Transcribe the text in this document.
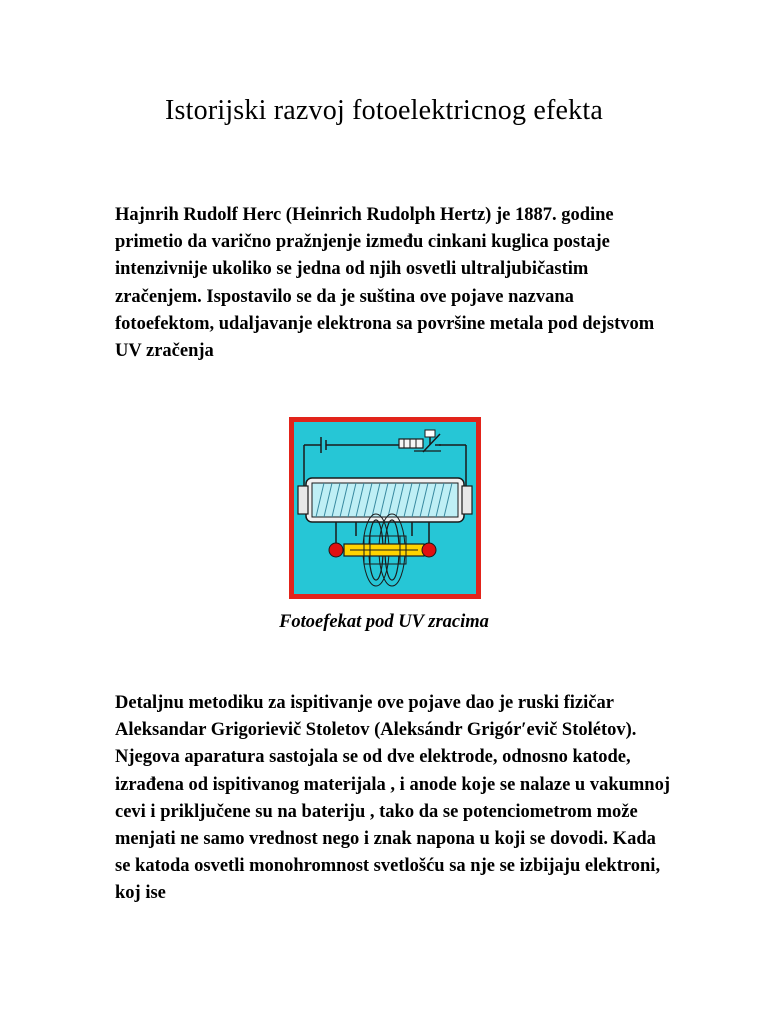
Istorijski razvoj fotoelektricnog efekta

Hajnrih Rudolf Herc (Heinrich Rudolph Hertz) je 1887. godine primetio da varično pražnjenje između cinkani kuglica postaje intenzivnije ukoliko se jedna od njih osvetli ultraljubičastim zračenjem. Ispostavilo se da je suština ove pojave nazvana fotoefektom, udaljavanje elektrona sa površine metala pod dejstvom UV zračenja

Fotoefekat pod UV zracima

Detaljnu metodiku za ispitivanje ove pojave dao je ruski fizičar Aleksandar Grigorievič Stoletov (Aleksándr Grigór′evič Stolétov). Njegova aparatura sastojala se od dve elektrode, odnosno katode, izrađena od ispitivanog materijala , i anode koje se nalaze u vakumnoj cevi i priključene su na bateriju , tako da se potenciometrom može menjati ne samo vrednost nego i znak napona u koji se dovodi. Kada se katoda osvetli monohromnost svetlošću sa nje se izbijaju elektroni, koj ise
